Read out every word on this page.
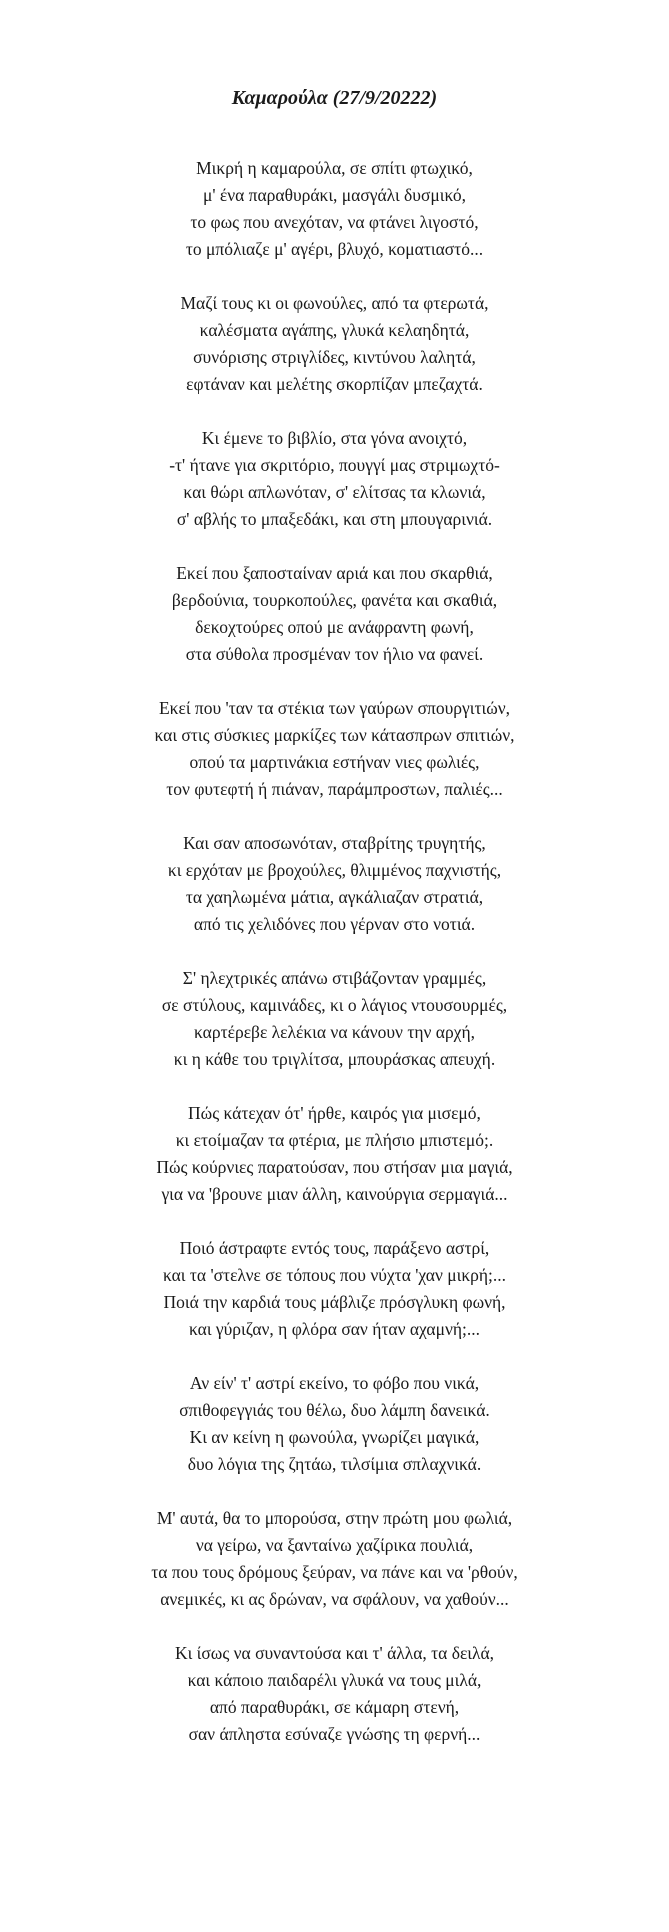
Καμαρούλα (27/9/20222)

Μικρή η καμαρούλα, σε σπίτι φτωχικό,
μ' ένα παραθυράκι, μασγάλι δυσμικό,
το φως που ανεχόταν, να φτάνει λιγοστό,
το μπόλιαζε μ' αγέρι, βλυχό, κοματιαστό...

Μαζί τους κι οι φωνούλες, από τα φτερωτά,
καλέσματα αγάπης, γλυκά κελαηδητά,
συνόρισης στριγλίδες, κιντύνου λαλητά,
εφτάναν και μελέτης σκορπίζαν μπεζαχτά.

Κι έμενε το βιβλίο, στα γόνα ανοιχτό,
-τ' ήτανε για σκριτόριο, πουγγί μας στριμωχτό-
και θώρι απλωνόταν, σ' ελίτσας τα κλωνιά,
σ' αβλής το μπαξεδάκι, και στη μπουγαρινιά.

Εκεί που ξαποσταίναν αριά και που σκαρθιά,
βερδούνια, τουρκοπούλες, φανέτα και σκαθιά,
δεκοχτούρες οπού με ανάφραντη φωνή,
στα σύθολα προσμέναν τον ήλιο να φανεί.

Εκεί που 'ταν τα στέκια των γαύρων σπουργιτιών,
και στις σύσκιες μαρκίζες των κάτασπρων σπιτιών,
οπού τα μαρτινάκια εστήναν νιες φωλιές,
τον φυτεφτή ή πιάναν, παράμπροστων, παλιές...

Και σαν αποσωνόταν, σταβρίτης τρυγητής,
κι ερχόταν με βροχούλες, θλιμμένος παχνιστής,
τα χαηλωμένα μάτια, αγκάλιαζαν στρατιά,
από τις χελιδόνες που γέρναν στο νοτιά.

Σ' ηλεχτρικές απάνω στιβάζονταν γραμμές,
σε στύλους, καμινάδες, κι ο λάγιος ντουσουρμές,
καρτέρεβε λελέκια να κάνουν την αρχή,
κι η κάθε του τριγλίτσα, μπουράσκας απευχή.

Πώς κάτεχαν ότ' ήρθε, καιρός για μισεμό,
κι ετοίμαζαν τα φτέρια, με πλήσιο μπιστεμό;.
Πώς κούρνιες παρατούσαν, που στήσαν μια μαγιά,
για να 'βρουνε μιαν άλλη, καινούργια σερμαγιά...

Ποιό άστραφτε εντός τους, παράξενο αστρί,
και τα 'στελνε σε τόπους που νύχτα 'χαν μικρή;...
Ποιά την καρδιά τους μάβλιζε πρόσγλυκη φωνή,
και γύριζαν, η φλόρα σαν ήταν αχαμνή;...

Αν είν' τ' αστρί εκείνο, το φόβο που νικά,
σπιθοφεγγιάς του θέλω, δυο λάμπη δανεικά.
Κι αν κείνη η φωνούλα, γνωρίζει μαγικά,
δυο λόγια της ζητάω, τιλσίμια σπλαχνικά.

Μ' αυτά, θα το μπορούσα, στην πρώτη μου φωλιά,
να γείρω, να ξανταίνω χαζίρικα πουλιά,
τα που τους δρόμους ξεύραν, να πάνε και να 'ρθούν,
ανεμικές, κι ας δρώναν, να σφάλουν, να χαθούν...

Κι ίσως να συναντούσα και τ' άλλα, τα δειλά,
και κάποιο παιδαρέλι γλυκά να τους μιλά,
από παραθυράκι, σε κάμαρη στενή,
σαν άπληστα εσύναζε γνώσης τη φερνή...
